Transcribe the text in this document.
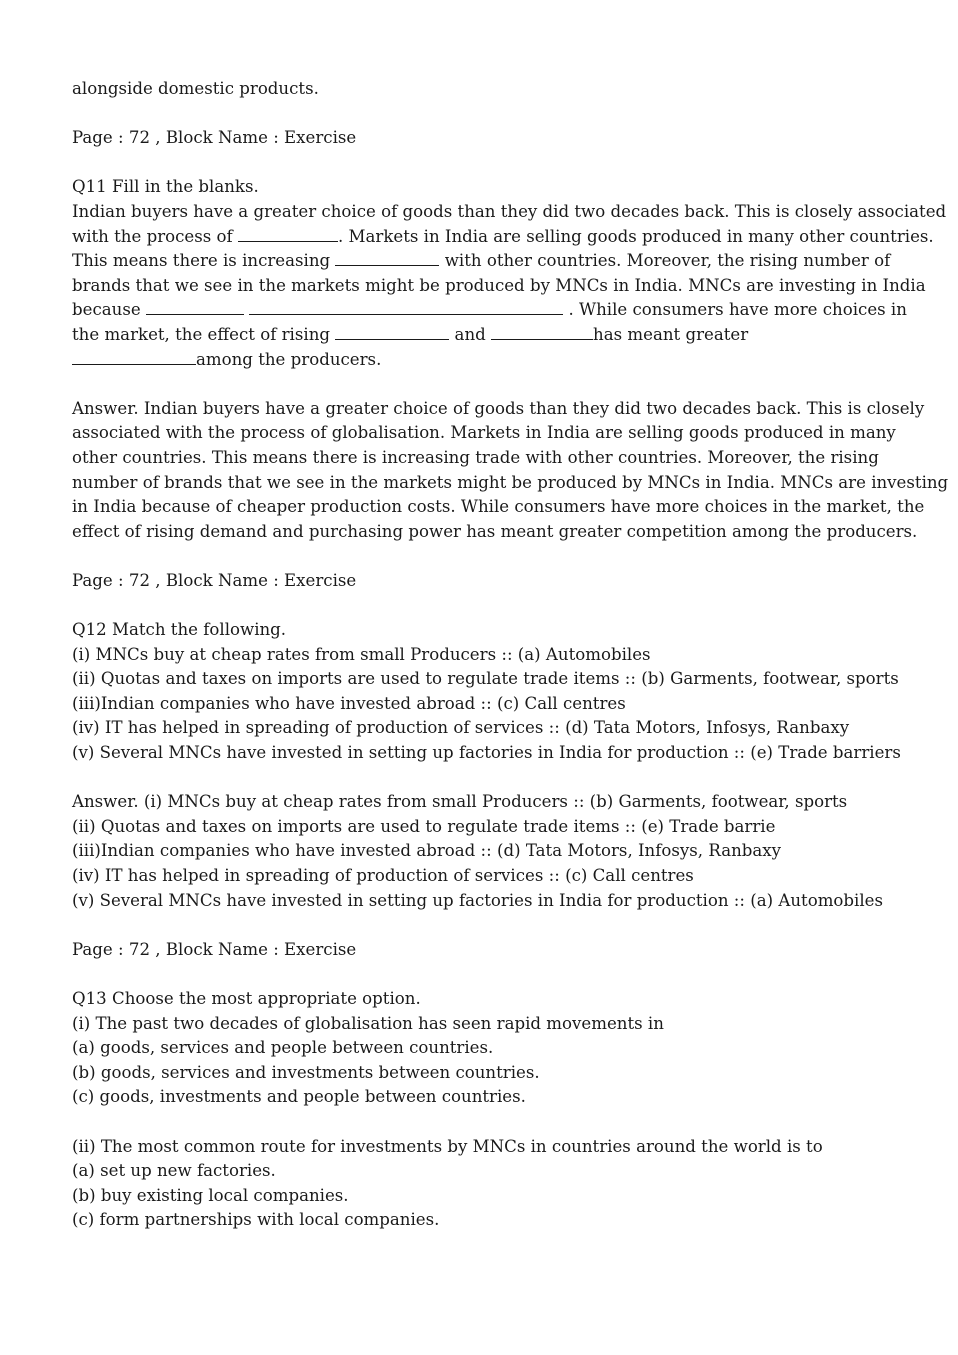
alongside domestic products.
Page : 72 , Block Name : Exercise
Q11 Fill in the blanks.
Indian buyers have a greater choice of goods than they did two decades back. This is closely associated
with the process of	. Markets in India are selling goods produced in many other countries.
This means there is increasing	with other countries. Moreover, the rising number of
brands that we see in the markets might be produced by MNCs in India. MNCs are investing in India
because	. While consumers have more choices in
the market, the effect of rising	and	has meant greater
among the producers.
Answer. Indian buyers have a greater choice of goods than they did two decades back. This is closely
associated with the process of globalisation. Markets in India are selling goods produced in many
other countries. This means there is increasing trade with other countries. Moreover, the rising
number of brands that we see in the markets might be produced by MNCs in India. MNCs are investing
in India because of cheaper production costs. While consumers have more choices in the market, the
effect of rising demand and purchasing power has meant greater competition among the producers.
Page : 72 , Block Name : Exercise
Q12 Match the following.
(i) MNCs buy at cheap rates from small Producers :: (a) Automobiles
(ii) Quotas and taxes on imports are used to regulate trade items :: (b) Garments, footwear, sports
(iii)Indian companies who have invested abroad :: (c) Call centres
(iv) IT has helped in spreading of production of services :: (d) Tata Motors, Infosys, Ranbaxy
(v) Several MNCs have invested in setting up factories in India for production :: (e) Trade barriers
Answer. (i) MNCs buy at cheap rates from small Producers :: (b) Garments, footwear, sports
(ii) Quotas and taxes on imports are used to regulate trade items :: (e) Trade barrie
(iii)Indian companies who have invested abroad :: (d) Tata Motors, Infosys, Ranbaxy
(iv) IT has helped in spreading of production of services :: (c) Call centres
(v) Several MNCs have invested in setting up factories in India for production :: (a) Automobiles
Page : 72 , Block Name : Exercise
Q13 Choose the most appropriate option.
(i) The past two decades of globalisation has seen rapid movements in
(a) goods, services and people between countries.
(b) goods, services and investments between countries.
(c) goods, investments and people between countries.
(ii) The most common route for investments by MNCs in countries around the world is to
(a) set up new factories.
(b) buy existing local companies.
(c) form partnerships with local companies.
